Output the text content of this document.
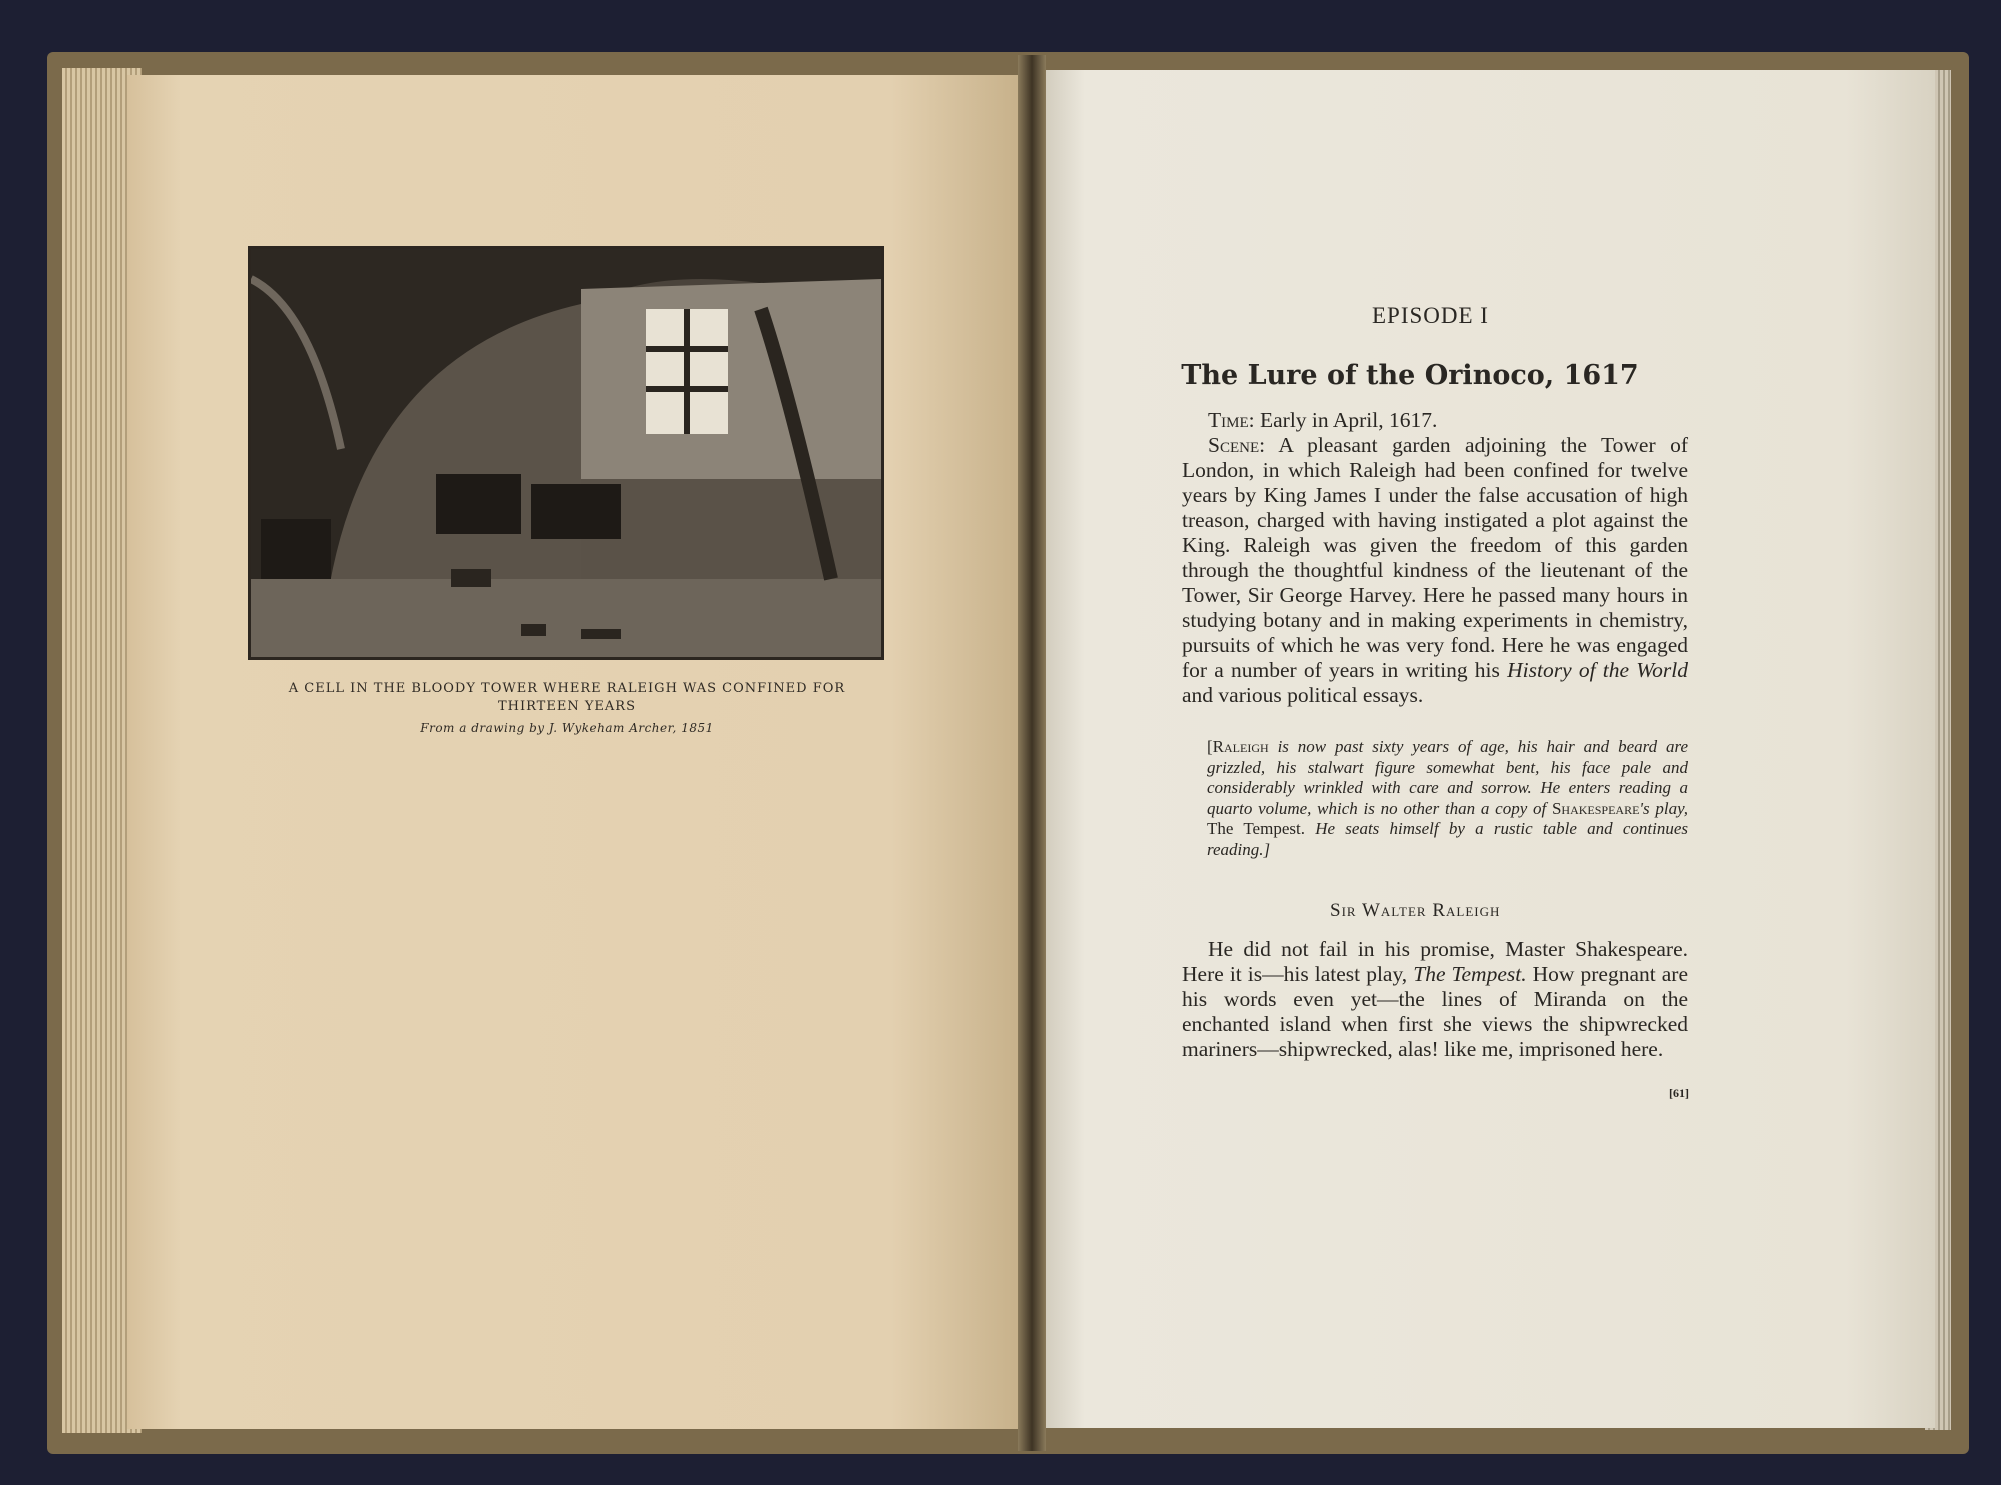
A CELL IN THE BLOODY TOWER WHERE RALEIGH WAS CONFINED FOR
THIRTEEN YEARS
From a drawing by J. Wykeham Archer, 1851
EPISODE I
The Lure of the Orinoco, 1617
Time: Early in April, 1617.
Scene: A pleasant garden adjoining the Tower of London, in which Raleigh had been confined for twelve years by King James I under the false accusation of high treason, charged with having instigated a plot against the King. Raleigh was given the freedom of this garden through the thoughtful kindness of the lieutenant of the Tower, Sir George Harvey. Here he passed many hours in studying botany and in making experiments in chemistry, pursuits of which he was very fond. Here he was engaged for a number of years in writing his History of the World and various political essays.
[Raleigh is now past sixty years of age, his hair and beard are grizzled, his stalwart figure somewhat bent, his face pale and considerably wrinkled with care and sorrow. He enters reading a quarto volume, which is no other than a copy of Shakespeare's play, The Tempest. He seats himself by a rustic table and continues reading.]
Sir Walter Raleigh
He did not fail in his promise, Master Shakespeare. Here it is—his latest play, The Tempest. How pregnant are his words even yet—the lines of Miranda on the enchanted island when first she views the shipwrecked mariners—shipwrecked, alas! like me, imprisoned here.
[61]
